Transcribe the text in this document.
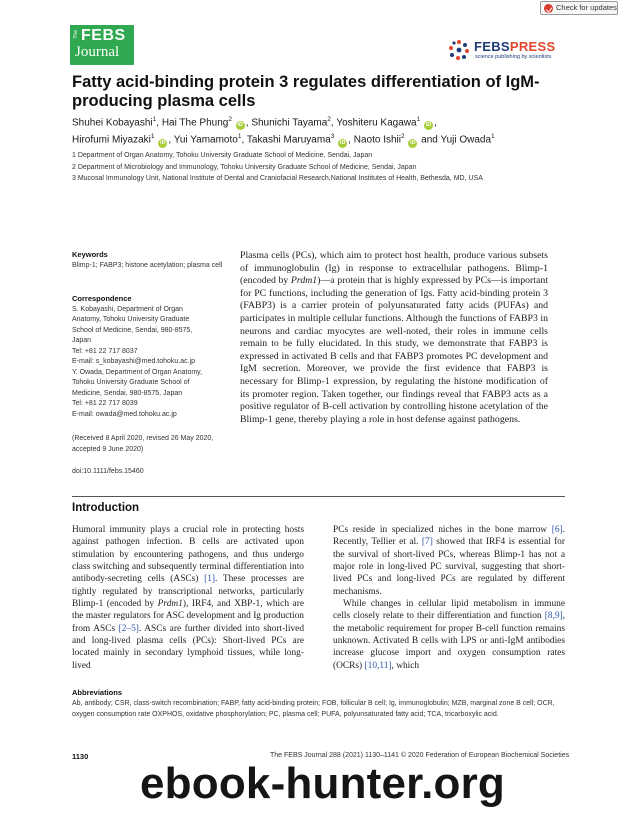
Check for updates
The FEBS
Journal	FEBSPRESS
science publishing by scientists
Fatty acid-binding protein 3 regulates differentiation of IgM-producing plasma cells

Shuhei Kobayashi$^1$, Hai The Phung$^2$ iD , Shunichi Tayama$^2$, Yoshiteru Kagawa$^1$ iD ,
Hirofumi Miyazaki$^1$ iD , Yui Yamamoto$^1$, Takashi Maruyama$^3$ iD , Naoto Ishii$^2$ iD and Yuji Owada$^1$

1 Department of Organ Anatomy, Tohoku University Graduate School of Medicine, Sendai, Japan
2 Department of Microbiology and Immunology, Tohoku University Graduate School of Medicine, Sendai, Japan
3 Mucosal Immunology Unit, National Institute of Dental and Craniofacial Research,National Institutes of Health, Bethesda, MD, USA

Keywords

Blimp-1; FABP3; histone acetylation; plasma cell

Correspondence

S. Kobayashi, Department of Organ
Anatomy, Tohoku University Graduate
School of Medicine, Sendai, 980-8575,
Japan
Tel: +81 22 717 8037
E-mail: s_kobayashi@med.tohoku.ac.jp
Y. Owada, Department of Organ Anatomy,
Tohoku University Graduate School of
Medicine, Sendai, 980-8575, Japan
Tel: +81 22 717 8039
E-mail: owada@med.tohoku.ac.jp
(Received 8 April 2020, revised 26 May 2020, accepted 9 June 2020)
doi:10.1111/febs.15460

Plasma cells (PCs), which aim to protect host health, produce various subsets of immunoglobulin (Ig) in response to extracellular pathogens. Blimp-1 (encoded by Prdm1)—a protein that is highly expressed by PCs—is important for PC functions, including the generation of Igs. Fatty acid-binding protein 3 (FABP3) is a carrier protein of polyunsaturated fatty acids (PUFAs) and participates in multiple cellular functions. Although the functions of FABP3 in neurons and cardiac myocytes are well-noted, their roles in immune cells remain to be fully elucidated. In this study, we demonstrate that FABP3 is expressed in activated B cells and that FABP3 promotes PC development and IgM secretion. Moreover, we provide the first evidence that FABP3 is necessary for Blimp-1 expression, by regulating the histone modification of its promoter region. Taken together, our findings reveal that FABP3 acts as a positive regulator of B-cell activation by controlling histone acetylation of the Blimp-1 gene, thereby playing a role in host defense against pathogens.

Introduction

Humoral immunity plays a crucial role in protecting hosts against pathogen infection. B cells are activated upon stimulation by encountering pathogens, and thus undergo class switching and subsequently terminal differentiation into antibody-secreting cells (ASCs) [1]. These processes are tightly regulated by transcriptional networks, particularly Blimp-1 (encoded by Prdm1), IRF4, and XBP-1, which are the master regulators for ASC development and Ig production from ASCs [2–5]. ASCs are further divided into short-lived and long-lived plasma cells (PCs): Short-lived PCs are located mainly in secondary lymphoid tissues, while long-lived

PCs reside in specialized niches in the bone marrow [6]. Recently, Tellier et al. [7] showed that IRF4 is essential for the survival of short-lived PCs, whereas Blimp-1 has not a major role in long-lived PC survival, suggesting that short-lived PCs and long-lived PCs are regulated by different mechanisms.

While changes in cellular lipid metabolism in immune cells closely relate to their differentiation and function [8,9], the metabolic requirement for proper B-cell function remains unknown. Activated B cells with LPS or anti-IgM antibodies increase glucose import and oxygen consumption rates (OCRs) [10,11], which

Abbreviations

Ab, antibody; CSR, class-switch recombination; FABP, fatty acid-binding protein; FOB, follicular B cell; Ig, immunoglobulin; MZB, marginal zone B cell; OCR, oxygen consumption rate OXPHOS, oxidative phosphorylation; PC, plasma cell; PUFA, polyunsaturated fatty acid; TCA, tricarboxylic acid.

1130	The FEBS Journal 288 (2021) 1130–1141 © 2020 Federation of European Biochemical Societies
ebook-hunter.org
